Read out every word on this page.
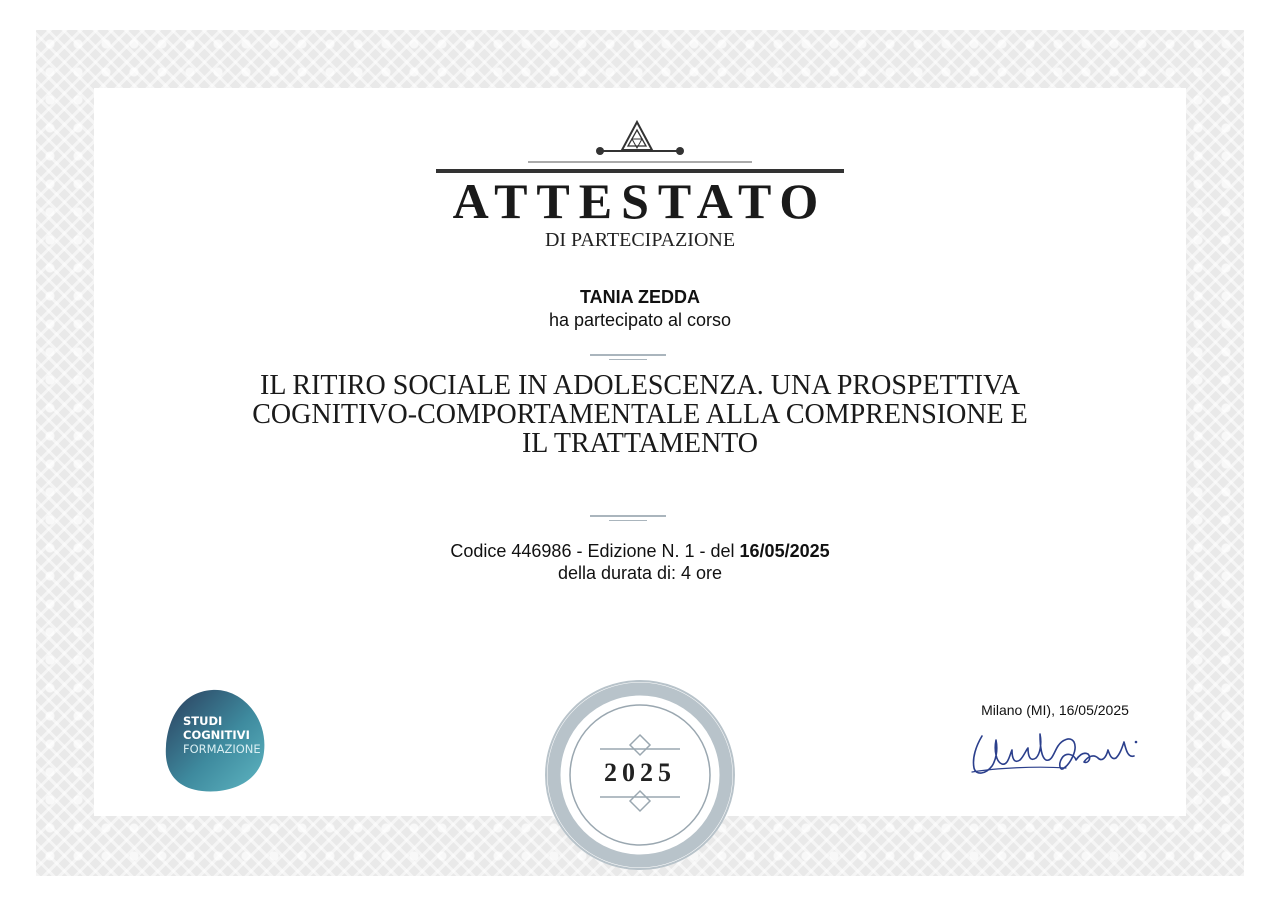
ATTESTATO
DI PARTECIPAZIONE
TANIA ZEDDA
ha partecipato al corso
IL RITIRO SOCIALE IN ADOLESCENZA. UNA PROSPETTIVA
COGNITIVO-COMPORTAMENTALE ALLA COMPRENSIONE E
IL TRATTAMENTO
Codice 446986 - Edizione N. 1 - del 16/05/2025
della durata di: 4 ore
STUDI
COGNITIVI
FORMAZIONE
2025
Milano (MI), 16/05/2025
